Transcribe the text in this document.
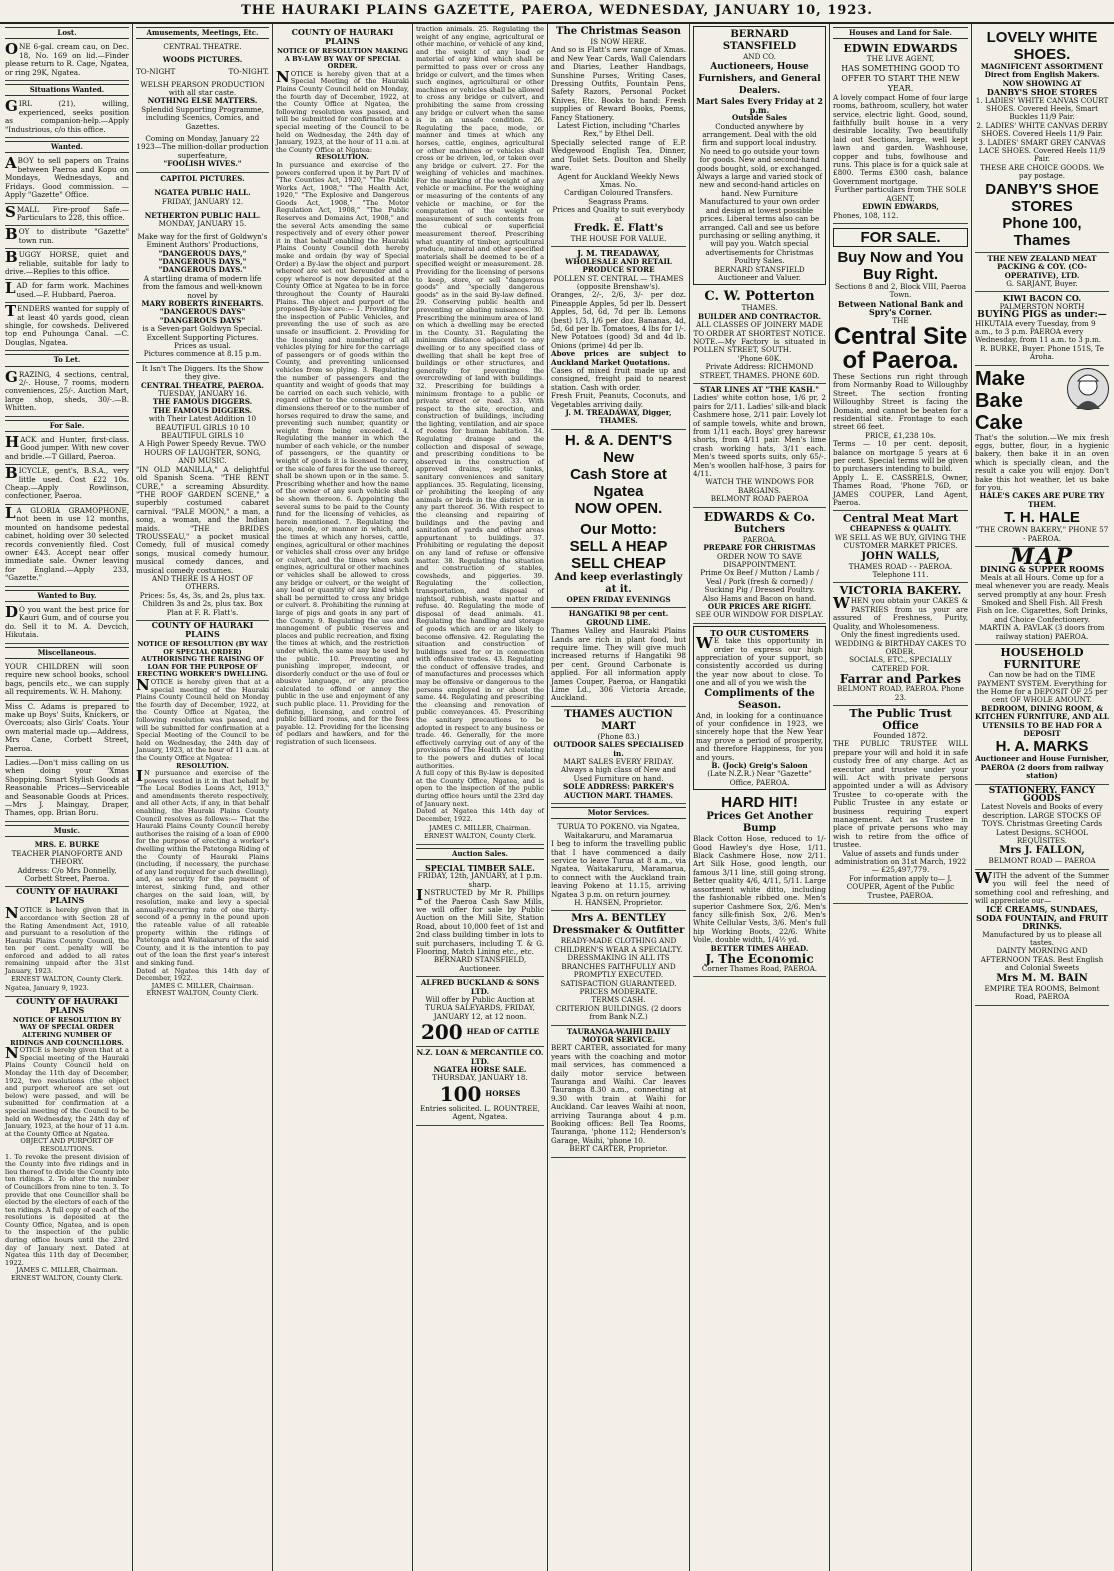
THE HAURAKI PLAINS GAZETTE, PAEROA, WEDNESDAY, JANUARY 10, 1923.
Lost.
ONE 6-gal. cream cau, on Dec. 18, No. 169 on lid.—Finder please return to R. Cage, Ngatea, or ring 29K, Ngatea.
Situations Wanted.
GIRL (21), willing, experienced, seeks position as companion-help.—Apply "Industrious, c/o this office.
Wanted.
ABOY to sell papers on Trains between Paeroa and Kopu on Mondays, Wednesdays, and Fridays. Good commission. —Apply "Gazette" Office.
SMALL Fire-proof Safe.—Particulars to 228, this office.
BOY to distribute "Gazette" town run.
BUGGY HORSE, quiet and reliable, suitable for lady to drive.—Replies to this office.
LAD for farm work. Machines used.—F. Hubbard, Paeroa.
TENDERS wanted for supply of at least 40 yards good, clean shingle, for cowsheds. Delivered top end Puhounga Canal. —C. Douglas, Ngatea.
To Let.
GRAZING, 4 sections, central, 2/-. House, 7 rooms, modern conveniences, 25/-. Auction Mart, large shop, sheds, 30/-.—B. Whitten.
For Sale.
HACK and Hunter, first-class. Good jumper. With new cover and bridle.—T Gillard, Paeroa.
BICYCLE, gent's, B.S.A., very little used. Cost £22 10s. Cheap.—Apply Rowlinson, confectioner, Paeroa.
LA GLORIA GRAMOPHONE, not been in use 12 months, mounted on handsome pedestal cabinet, holding over 30 selected records conveniently filed. Cost owner £43. Accept near offer immediate sale. Owner leaving for England.—Apply 233, "Gazette."
Wanted to Buy.
DO you want the best price for Kauri Gum, and of course you do. Sell it to M. A. Devcich, Hikutaia.
Miscellaneous.
YOUR CHILDREN will soon require new school books, school bags, pencils etc., we can supply all requirements. W. H. Mahony.
Miss C. Adams is prepared to make up Boys' Suits, Knickers, or Overcoats; also Girls' Coats. Your own material made up.—Address, Mrs Cane, Corbett Street, Paeroa.
Ladies.—Don't miss calling on us when doing your 'Xmas Shopping. Smart Stylish Goods at Reasonable Prices—Serviceable and Seasonable Goods at Prices.—Mrs J. Maingay, Draper, Thames, opp. Brian Boru.
Music.
MRS. E. BURKE
TEACHER PIANOFORTE AND THEORY.
Address: C/o Mrs Donnelly, Corbett Street, Paeroa.
COUNTY OF HAURAKI PLAINS
NOTICE is hereby given that in accordance with Section 28 of the Rating Amendment Act, 1910, and pursuant to a resolution of the Hauraki Plains County Council, the ten per cent. penalty will be enforced and added to all rates remaining unpaid after the 31st January, 1923.
ERNEST WALTON, County Clerk.
Ngatea, January 9, 1923.
COUNTY OF HAURAKI PLAINS
NOTICE OF RESOLUTION BY WAY OF SPECIAL ORDER ALTERING NUMBER OF RIDINGS AND COUNCILLORS.
NOTICE is hereby given that at a Special meeting of the Hauraki Plains County Council held on Monday the 11th day of December, 1922, two resolutions (the object and purport whereof are set out below) were passed, and will be submitted for confirmation at a special meeting of the Council to be held on Wednesday, the 24th day of January, 1923, at the hour of 11 a.m. at the County Office at Ngatea.
OBJECT AND PURPORT OF RESOLUTIONS.
1. To revoke the present division of the County into five ridings and in lieu thereof to divide the County into ten ridings. 2. To alter the number of Councillors from nine to ten. 3. To provide that one Councillor shall be elected by the electors of each of the ten ridings. A full copy of each of the resolutions is deposited at the County Office, Ngatea, and is open to the inspection of the public during office hours until the 23rd day of January next. Dated at Ngatea this 11th day of December, 1922.
JAMES C. MILLER, Chairman. ERNEST WALTON, County Clerk.
Amusements, Meetings, Etc.
CENTRAL THEATRE.
WOODS PICTURES.
TO-NIGHT	TO-NIGHT.
WELSH PEARSON PRODUCTION
with all star caste.
NOTHING ELSE MATTERS.
Splendid Supporting Programme, including Scenics, Comics, and Gazettes.
Coming on Monday, January 22 1923—The million-dollar production superfeature,
"FOOLISH WIVES."
CAPITOL PICTURES.
NGATEA PUBLIC HALL.
FRIDAY, JANUARY 12.
NETHERTON PUBLIC HALL.
MONDAY, JANUARY 15.
Make way for the first of Goldwyn's Eminent Authors' Productions,
"DANGEROUS DAYS,"
"DANGEROUS DAYS,"
"DANGEROUS DAYS."
A startling drama of modern life from the famous and well-known novel by
MARY ROBERTS RINEHARTS.
"DANGEROUS DAYS"
"DANGEROUS DAYS"
is a Seven-part Goldwyn Special. Excellent Supporting Pictures. Prices as usual.
Pictures commence at 8.15 p.m.
It Isn't The Diggers. Its the Show they give.
CENTRAL THEATRE, PAEROA.
TUESDAY, JANUARY 16.
THE FAMOUS DIGGERS.
THE FAMOUS DIGGERS.
with Their Latest Addition 10 BEAUTIFUL GIRLS 10 10 BEAUTIFUL GIRLS 10
A High Power Speedy Revue. TWO HOURS OF LAUGHTER, SONG, AND MUSIC.
"IN OLD MANILLA," A delightful old Spanish Scena. "THE RENT CURE," a screaming Absurdity. "THE ROOF GARDEN SCENE," a superbly costumed cabaret carnival. "PALE MOON," a man, a song, a woman, and the Indian maids. "THE BRIDES TROUSSEAU," a pocket musical Comedy, full of musical comedy songs, musical comedy humour, musical comedy dances, and musical comedy costumes.
AND THERE IS A HOST OF OTHERS.
Prices: 5s, 4s, 3s, and 2s, plus tax. Children 3s and 2s, plus tax. Box Plan at F. R. Flatt's.
COUNTY OF HAURAKI PLAINS
NOTICE OF RESOLUTION (BY WAY OF SPECIAL ORDER) AUTHORISING THE RAISING OF LOAN FOR THE PURPOSE OF ERECTING WORKER'S DWELLING.
NOTICE is hereby given that at a special meeting of the Hauraki Plains County Council held on Monday the fourth day of December, 1922, at the County Office at Ngatea, the following resolution was passed, and will be submitted for confirmation at a Special Meeting of the Council to be held on Wednesday, the 24th day of January, 1923, at the hour of 11 a.m. at the County Office at Ngatea:
RESOLUTION.
IN pursuance and exercise of the powers vested in it in that behalf by "The Local Bodies Loans Act, 1913," and amendments thereto respectively, and all other Acts, if any, in that behalf enabling, the Hauraki Plains County Council resolves as follows:— That the Hauraki Plains County Council hereby authorises the raising of a loan of £900 for the purpose of erecting a worker's dwelling within the Patetonga Riding of the County of Hauraki Plains (including, if necessary, the purchase of any land required for such dwelling), and, as security for the payment of interest, sinking fund, and other charges on the said loan, will, by resolution, make and levy a special annually-recurring rate of one thirty-second of a penny in the pound upon the rateable value of all rateable property within the ridings of Patetonga and Waitakaruru of the said County, and it is the intention to pay out of the loan the first year's interest and sinking fund.
Dated at Ngatea this 14th day of December, 1922.
JAMES C. MILLER, Chairman. ERNEST WALTON, County Clerk.
COUNTY OF HAURAKI PLAINS
NOTICE OF RESOLUTION MAKING A BY-LAW BY WAY OF SPECIAL ORDER.
NOTICE is hereby given that at a Special Meeting of the Hauraki Plains County Council held on Monday, the fourth day of December, 1922, at the County Office at Ngatea, the following resolution was passed, and will be submitted for confirmation at a special meeting of the Council to be held on Wednesday, the 24th day of January, 1923, at the hour of 11 a.m. at the County Office at Ngatea:
RESOLUTION.
In pursuance and exercise of the powers conferred upon it by Part IV of "The Counties Act, 1920," "The Public Works Act, 1908," "The Health Act, 1920," "The Explosive and Dangerous Goods Act, 1908," "The Motor Regulation Act, 1908," "The Public Reserves and Domains Act, 1908," and the several Acts amending the same respectively and of every other power it in that behalf enabling the Hauraki Plains County Council doth hereby make and ordain (by way of Special Order) a By-law the object and purport whereof are set out hereunder and a copy whereof is now deposited at the County Office at Ngatea to be in force throughout the County of Hauraki Plains. The object and purport of the proposed By-law are:— 1. Providing for the inspection of Public Vehicles, and preventing the use of such as are unsafe or insufficient. 2. Providing for the licensing and numbering of all vehicles plying for hire for the carriage of passengers or of goods within the County, and preventing unlicensed vehicles from so plying. 3. Regulating the number of passengers and the quantity and weight of goods that may be carried on each such vehicle, with regard either to the construction and dimensions thereof or to the number of horses required to draw the same, and preventing such number, quantity or weight from being exceeded. 4. Regulating the manner in which the number of each vehicle, or the number of passengers, or the quantity or weight of goods it is licensed to carry, or the scale of fares for the use thereof, shall be shown upon or in the same. 5. Prescribing whether and how the name of the owner of any such vehicle shall be shown thereon. 6. Appointing the several sums to be paid to the County fund for the licensing of vehicles, as herein mentioned. 7. Regulating the pace, mode, or manner in which, and the times at which any horses, cattle, engines, agricultural or other machines or vehicles shall cross over any bridge or culvert, and the times when such engines, agricultural or other machines or vehicles shall be allowed to cross any bridge or culvert, or the weight of any load or quantity of any kind which shall be permitted to cross any bridge or culvert. 8. Prohibiting the running at large of pigs and goats in any part of the County. 9. Regulating the use and management of public reserves and places and public recreation, and fixing the times at which, and the restriction under which, the same may be used by the public. 10. Preventing and punishing improper, indecent, or disorderly conduct or the use of foul or abusive language, or any practice calculated to offend or annoy the public in the use and enjoyment of any such public place. 11. Providing for the defining, licensing, and control of public billiard rooms, and for the fees payable. 12. Providing for the licensing of pedlars and hawkers, and for the registration of such licensees.
traction animals. 25. Regulating the weight of any engine, agricultural or other machine, or vehicle of any kind, and the weight of any load or material of any kind which shall be permitted to pass over or cross any bridge or culvert, and the times when such engines, agricultural or other machines or vehicles shall be allowed to cross any bridge or culvert, and prohibiting the same from crossing any bridge or culvert when the same is in an unsafe condition. 26. Regulating the pace, mode, or manner and times at which any horses, cattle, engines, agricultural or other machines or vehicles shall cross or be driven, led, or taken over any bridge or culvert. 27. For the weighing of vehicles and machines. For the marking of the weight of any vehicle or machine. For the weighing or measuring of the contents of any vehicle or machine, or for the computation of the weight or measurement of such contents from the cubical or superficial measurement thereof. Prescribing what quantity of timber, agricultural produce, mineral and other specified materials shall be deemed to be of a specified weight or measurement. 28. Providing for the licensing of persons to keep, store, or sell "dangerous goods" and "specially dangerous goods" as in the said By-law defined. 29. Conserving public health and preventing or abating nuisances. 30. Prescribing the minimum area of land on which a dwelling may be erected in the County. 31. Regulating the minimum distance adjacent to any dwelling or to any specified class of dwelling that shall be kept free of buildings or other structures, and generally for preventing the overcrowding of land with buildings. 32. Prescribing for buildings a minimum frontage to a public or private street or road. 33. With respect to the site, erection, and construction of buildings, including the lighting, ventilation, and air space of rooms for human habitation. 34. Regulating drainage and the collection and disposal of sewage, and prescribing conditions to be observed in the construction of approved drains, septic tanks, sanitary conveniences and sanitary appliances. 35. Regulating, licensing, or prohibiting the keeping of any animals or birds in the district or in any part thereof. 36. With respect to the cleansing and repairing of buildings and the paving and sanitation of yards and other areas appurtenant to buildings. 37. Prohibiting or regulating the deposit on any land of refuse or offensive matter. 38. Regulating the situation and construction of stables, cowsheds, and piggeries. 39. Regulating the collection, transportation, and disposal of nightsoil, rubbish, waste matter and refuse. 40. Regulating the mode of disposal of dead animals. 41. Regulating the handling and storage of goods which are or are likely to become offensive. 42. Regulating the situation and construction of buildings used for or in connection with offensive trades. 43. Regulating the conduct of offensive trades, and of manufactures and processes which may be offensive or dangerous to the persons employed in or about the same. 44. Regulating and prescribing the cleansing and renovation of public conveyances. 45. Prescribing the sanitary precautions to be adopted in respect to any business or trade. 46. Generally, for the more effectively carrying out of any of the provisions of The Health Act relating to the powers and duties of local authorities.
A full copy of this By-law is deposited at the County Office, Ngatea, and is open to the inspection of the public during office hours until the 23rd day of January next.
Dated at Ngatea this 14th day of December, 1922.
JAMES C. MILLER, Chairman. ERNEST WALTON, County Clerk.
Auction Sales.
SPECIAL TIMBER SALE.
FRIDAY, 12th, JANUARY, at 1 p.m. sharp.
INSTRUCTED by Mr R. Phillips of the Paeroa Cash Saw Mills, we will offer for sale by Public Auction on the Mill Site, Station Road, about 10,000 feet of 1st and 2nd class building timber in lots to suit purchasers, including T. & G. Flooring, Match Lining etc., etc.
BERNARD STANSFIELD, Auctioneer.
ALFRED BUCKLAND & SONS LTD.
Will offer by Public Auction at TURUA SALEYARDS, FRIDAY, JANUARY 12, at 12 noon.
200 HEAD OF CATTLE
N.Z. LOAN & MERCANTILE CO. LTD.
NGATEA HORSE SALE.
THURSDAY, JANUARY 18.
100 HORSES
Entries solicited. L. ROUNTREE, Agent, Ngatea.
The Christmas Season
IS NOW HERE.
And so is Flatt's new range of Xmas. and New Year Cards, Wall Calendars and Diaries, Leather Handbags, Sunshine Purses, Writing Cases, Dressing Outfits, Fountain Pens, Safety Razors, Personal Pocket Knives, Etc. Books to hand: Fresh supplies of Reward Books, Poems, Fancy Stationery.
Latest Fiction, including "Charles Rex," by Ethel Dell.
Specially selected range of E.P. Wedgewood English Tea, Dinner, and Toilet Sets. Doulton and Shelly ware.
Agent for Auckland Weekly News Xmas. No.
Cardigan Coloured Transfers. Seagrass Prams.
Prices and Quality to suit everybody at
Fredk. E. Flatt's
THE HOUSE FOR VALUE.
J. M. TREADAWAY,
WHOLESALE AND RETAIL PRODUCE STORE
POLLEN ST. CENTRAL — THAMES (opposite Brenshaw's).
Oranges, 2/-, 2/6, 3/- per doz. Pineapple Apples, 5d per lb. Dessert Apples, 5d, 6d, 7d per lb. Lemons (best) 1/3, 1/6 per doz. Bananas, 4d, 5d, 6d per lb. Tomatoes, 4 lbs for 1/-. New Potatoes (good) 3d and 4d lb. Onions (prime) 4d per lb.
Above prices are subject to Auckland Market Quotations.
Cases of mixed fruit made up and consigned, freight paid to nearest station. Cash with order.
Fresh Fruit, Peanuts, Coconuts, and Vegetables arriving daily.
J. M. TREADAWAY, Digger, THAMES.
H. & A. DENT'S
New
Cash Store at
Ngatea
NOW OPEN.
Our Motto:
SELL A HEAP
SELL CHEAP
And keep everlastingly at it.
OPEN FRIDAY EVENINGS
HANGATIKI 98 per cent. GROUND LIME.
Thames Valley and Hauraki Plains Lands are rich in plant food, but require lime. They will give much increased returns if Hangatiki 98 per cent. Ground Carbonate is applied. For all information apply James Couper, Paeroa, or Hangatiki Lime Ld., 306 Victoria Arcade, Auckland.
THAMES AUCTION MART
(Phone 83.)
OUTDOOR SALES SPECIALISED in.
MART SALES EVERY FRIDAY. Always a high class of New and Used Furniture on hand.
SOLE ADDRESS: PARKER'S AUCTION MART. THAMES.
Motor Services.
TURUA TO POKENO. via Ngatea, Waitakaruru, and Maramarua
I beg to inform the travelling public that I have commenced a daily service to leave Turua at 8 a.m., via Ngatea, Waitakaruru, Maramarua, to connect with the Auckland train leaving Pokeno at 11.15, arriving Ngatea 3 p.m. on return journey.
H. HANSEN, Proprietor.
Mrs A. BENTLEY
Dressmaker & Outfitter
READY-MADE CLOTHING AND CHILDREN'S WEAR A SPECIALTY.
DRESSMAKING IN ALL ITS BRANCHES FAITHFULLY AND PROMPTLY EXECUTED.
SATISFACTION GUARANTEED.
PRICES MODERATE.
TERMS CASH.
CRITERION BUILDINGS. (2 doors from Bank N.Z.)
TAURANGA-WAIHI DAILY MOTOR SERVICE.
BERT CARTER, associated for many years with the coaching and motor mail services, has commenced a daily motor service between Tauranga and Waihi. Car leaves Tauranga 8.30 a.m., connecting at 9.30 with train at Waihi for Auckland. Car leaves Waihi at noon, arriving Tauranga about 4 p.m. Booking offices: Bell Tea Rooms, Tauranga, 'phone 112; Henderson's Garage, Waihi, 'phone 10.
BERT CARTER, Proprietor.
BERNARD STANSFIELD
AND CO.
Auctioneers, House Furnishers, and General Dealers.
Mart Sales Every Friday at 2 p.m.
Outside Sales
Conducted anywhere by arrangement. Deal with the old firm and support local industry. No need to go outside your town for goods. New and second-hand goods bought, sold, or exchanged. Always a large and varied stock of new and second-hand articles on hand. New Furniture Manufactured to your own order and design at lowest possible prices. Liberal terms also can be arranged. Call and see us before purchasing or selling anything, it will pay you. Watch special advertisements for Christmas Poultry Sales.
BERNARD STANSFIELD Auctioneer and Valuer.
C. W. Potterton
THAMES.
BUILDER AND CONTRACTOR.
ALL CLASSES OF JOINERY MADE TO ORDER AT SHORTEST NOTICE.
NOTE.—My Factory is situated in POLLEN STREET, SOUTH.
'Phone 60K.
Private Address: RICHMOND STREET, THAMES. PHONE 60D.
STAR LINES AT "THE KASH."
Ladies' white cotton hose, 1/6 pr, 2 pairs for 2/11. Ladies' silk-and black Cashmere hose, 2/11 pair. Lovely lot of sample towels, white and brown, from 1/11 each. Boys' grey harewsr shorts, from 4/11 pair. Men's lime crash working hats, 3/11 each. Men's tweed sports suits, only 65/-. Men's woollen half-hose, 3 pairs for 4/11.
WATCH THE WINDOWS FOR BARGAINS.
BELMONT ROAD PAEROA
EDWARDS & Co.
Butchers
PAEROA.
PREPARE FOR CHRISTMAS
ORDER NOW TO SAVE DISAPPOINTMENT.
Prime Ox Beef / Mutton / Lamb / Veal / Pork (fresh & corned) / Sucking Pig / Dressed Poultry.
Also Hams and Bacon on hand.
OUR PRICES ARE RIGHT.
SEE OUR WINDOW FOR DISPLAY.
TO OUR CUSTOMERS
WE take this opportunity in order to express our high appreciation of your support, so consistently accorded us during the year now about to close. To one and all of you we wish the
Compliments of the Season.
And, in looking for a continuance of your confidence in 1923, we sincerely hope that the New Year may prove a period of prosperity, and therefore Happiness, for you and yours.
B. (Jock) Greig's Saloon
(Late N.Z.R.) Near "Gazette" Office, PAEROA.
HARD HIT!
Prices Get Another Bump
Black Cotton Hose, reduced to 1/- Good Hawley's dye Hose, 1/11. Black Cashmere Hose, now 2/11. Art Silk Hose, good length, our famous 3/11 line, still going strong. Better quality 4/6, 4/11, 5/11. Large assortment white ditto, including the fashionable ribbed one. Men's superior Cashmere Sox, 2/6. Men's fancy silk-finish Sox, 2/6. Men's White Cellular Vests, 3/6. Men's full hip Working Boots, 22/6. White Voile, double width, 1/4½ yd.
BETTER TIMES AHEAD.
J. The Economic
Corner Thames Road, PAEROA.
Houses and Land for Sale.
EDWIN EDWARDS
THE LIVE AGENT,
HAS SOMETHING GOOD TO OFFER TO START THE NEW YEAR.
A lovely compact Home of four large rooms, bathroom, scullery, hot water service, electric light. Good, sound, faithfully built house in a very desirable locality. Two beautifully laid out Sections, large, well kept lawn and garden. Washhouse, copper and tubs, fowlhouse and runs. This place is for a quick sale at £800. Terms £300 cash, balance Government mortgage.
Further particulars from THE SOLE AGENT,
EDWIN EDWARDS,
Phones, 108, 112.
FOR SALE.
Buy Now and You Buy Right.
Sections 8 and 2, Block VIII, Paeroa Town.
Between National Bank and Spry's Corner.
THE
Central Site of Paeroa.
These Sections run right through from Normanby Road to Willoughby Street. The section fronting Willoughby Street is facing the Domain, and cannot be beaten for a residential site. Frontage to each street 66 feet.
PRICE, £1,238 10s.
Terms — 10 per cent. deposit, balance on mortgage 5 years at 6 per cent. Special terms will be given to purchasers intending to build.
Apply L. E. CASSRELS, Owner, Thames Road, 'Phone 76D, or JAMES COUPER, Land Agent, Paeroa.
Central Meat Mart
CHEAPNESS & QUALITY.
WE SELL AS WE BUY, GIVING THE CUSTOMER MARKET PRICES.
JOHN WALLS,
THAMES ROAD - - PAEROA. Telephone 111.
VICTORIA BAKERY.
WHEN you obtain your CAKES & PASTRIES from us your are assured of Freshness, Purity, Quality, and Wholesomeness.
Only the finest ingredients used.
WEDDING & BIRTHDAY CAKES TO ORDER.
SOCIALS, ETC., SPECIALLY CATERED FOR.
Farrar and Parkes
BELMONT ROAD, PAEROA. Phone 23.
The Public Trust Office
Founded 1872.
THE PUBLIC TRUSTEE WILL prepare your will and hold it in safe custody free of any charge. Act as executor and trustee under your will. Act with private persons appointed under a will as Advisory Trustee to co-operate with the Public Trustee in any estate or business requiring expert management. Act as Trustee in place of private persons who may wish to retire from the office of trustee.
Value of assets and funds under administration on 31st March, 1922— £25,497,779.
For information apply to— J. COUPER, Agent of the Public Trustee, PAEROA.
LOVELY WHITE SHOES.
MAGNIFICENT ASSORTMENT Direct from English Makers. NOW SHOWING AT
DANBY'S SHOE STORES
1. LADIES' WHITE CANVAS COURT SHOES. Covered Heels, Smart Buckles 11/9 Pair.
2. LADIES' WHITE CANVAS DERBY SHOES. Covered Heels 11/9 Pair.
3. LADIES' SMART GREY CANVAS LACE SHOES. Covered Heels 11/9 Pair.
THESE ARE CHOICE GOODS. We pay postage.
DANBY'S SHOE STORES
Phone 100, Thames
THE NEW ZEALAND MEAT PACKING & COY. (CO-OPERATIVE), LTD.
G. SARJANT, Buyer.
KIWI BACON CO.
PALMERSTON NORTH
BUYING PIGS as under:—
HIKUTAIA every Tuesday, from 9 a.m., to 3 p.m. PAEROA every Wednesday, from 11 a.m. to 3 p.m.
R. BURKE, Buyer. Phone 151S, Te Aroha.
Make Bake Cake
That's the solution.—We mix fresh eggs, butter, flour, in a hygienic bakery, then bake it in an oven which is specially clean, and the result a cake you will enjoy. Don't bake this hot weather, let us bake for you.
HALE'S CAKES ARE PURE TRY THEM.
T. H. HALE
"THE CROWN BAKERY," PHONE 57 - PAEROA.
MAP
DINING & SUPPER ROOMS
Meals at all Hours. Come up for a meal whenever you are ready. Meals served promptly at any hour. Fresh Smoked and Shell Fish. All Fresh Fish on Ice. Cigarettes, Soft Drinks, and Choice Confectionery.
MARTIN A. PAVLAK (3 doors from railway station) PAEROA.
HOUSEHOLD FURNITURE
Can now be had on the TIME PAYMENT SYSTEM. Everything for the Home for a DEPOSIT OF 25 per cent OF WHOLE AMOUNT.
BEDROOM, DINING ROOM, & KITCHEN FURNITURE, AND ALL UTENSILS TO BE HAD FOR A DEPOSIT
H. A. MARKS
Auctioneer and House Furnisher, PAEROA (2 doors from railway station)
STATIONERY. FANCY GOODS
Latest Novels and Books of every description. LARGE STOCKS OF TOYS. Christmas Greeting Cards Latest Designs. SCHOOL REQUISITES.
Mrs J. FALLON,
BELMONT ROAD — PAEROA
WITH the advent of the Summer you will feel the need of something cool and refreshing, and will appreciate our—
ICE CREAMS, SUNDAES, SODA FOUNTAIN, and FRUIT DRINKS.
Manufactured by us to please all tastes.
DAINTY MORNING AND AFTERNOON TEAS. Best English and Colonial Sweets
Mrs M. M. BAIN
EMPIRE TEA ROOMS, Belmont Road, PAEROA
